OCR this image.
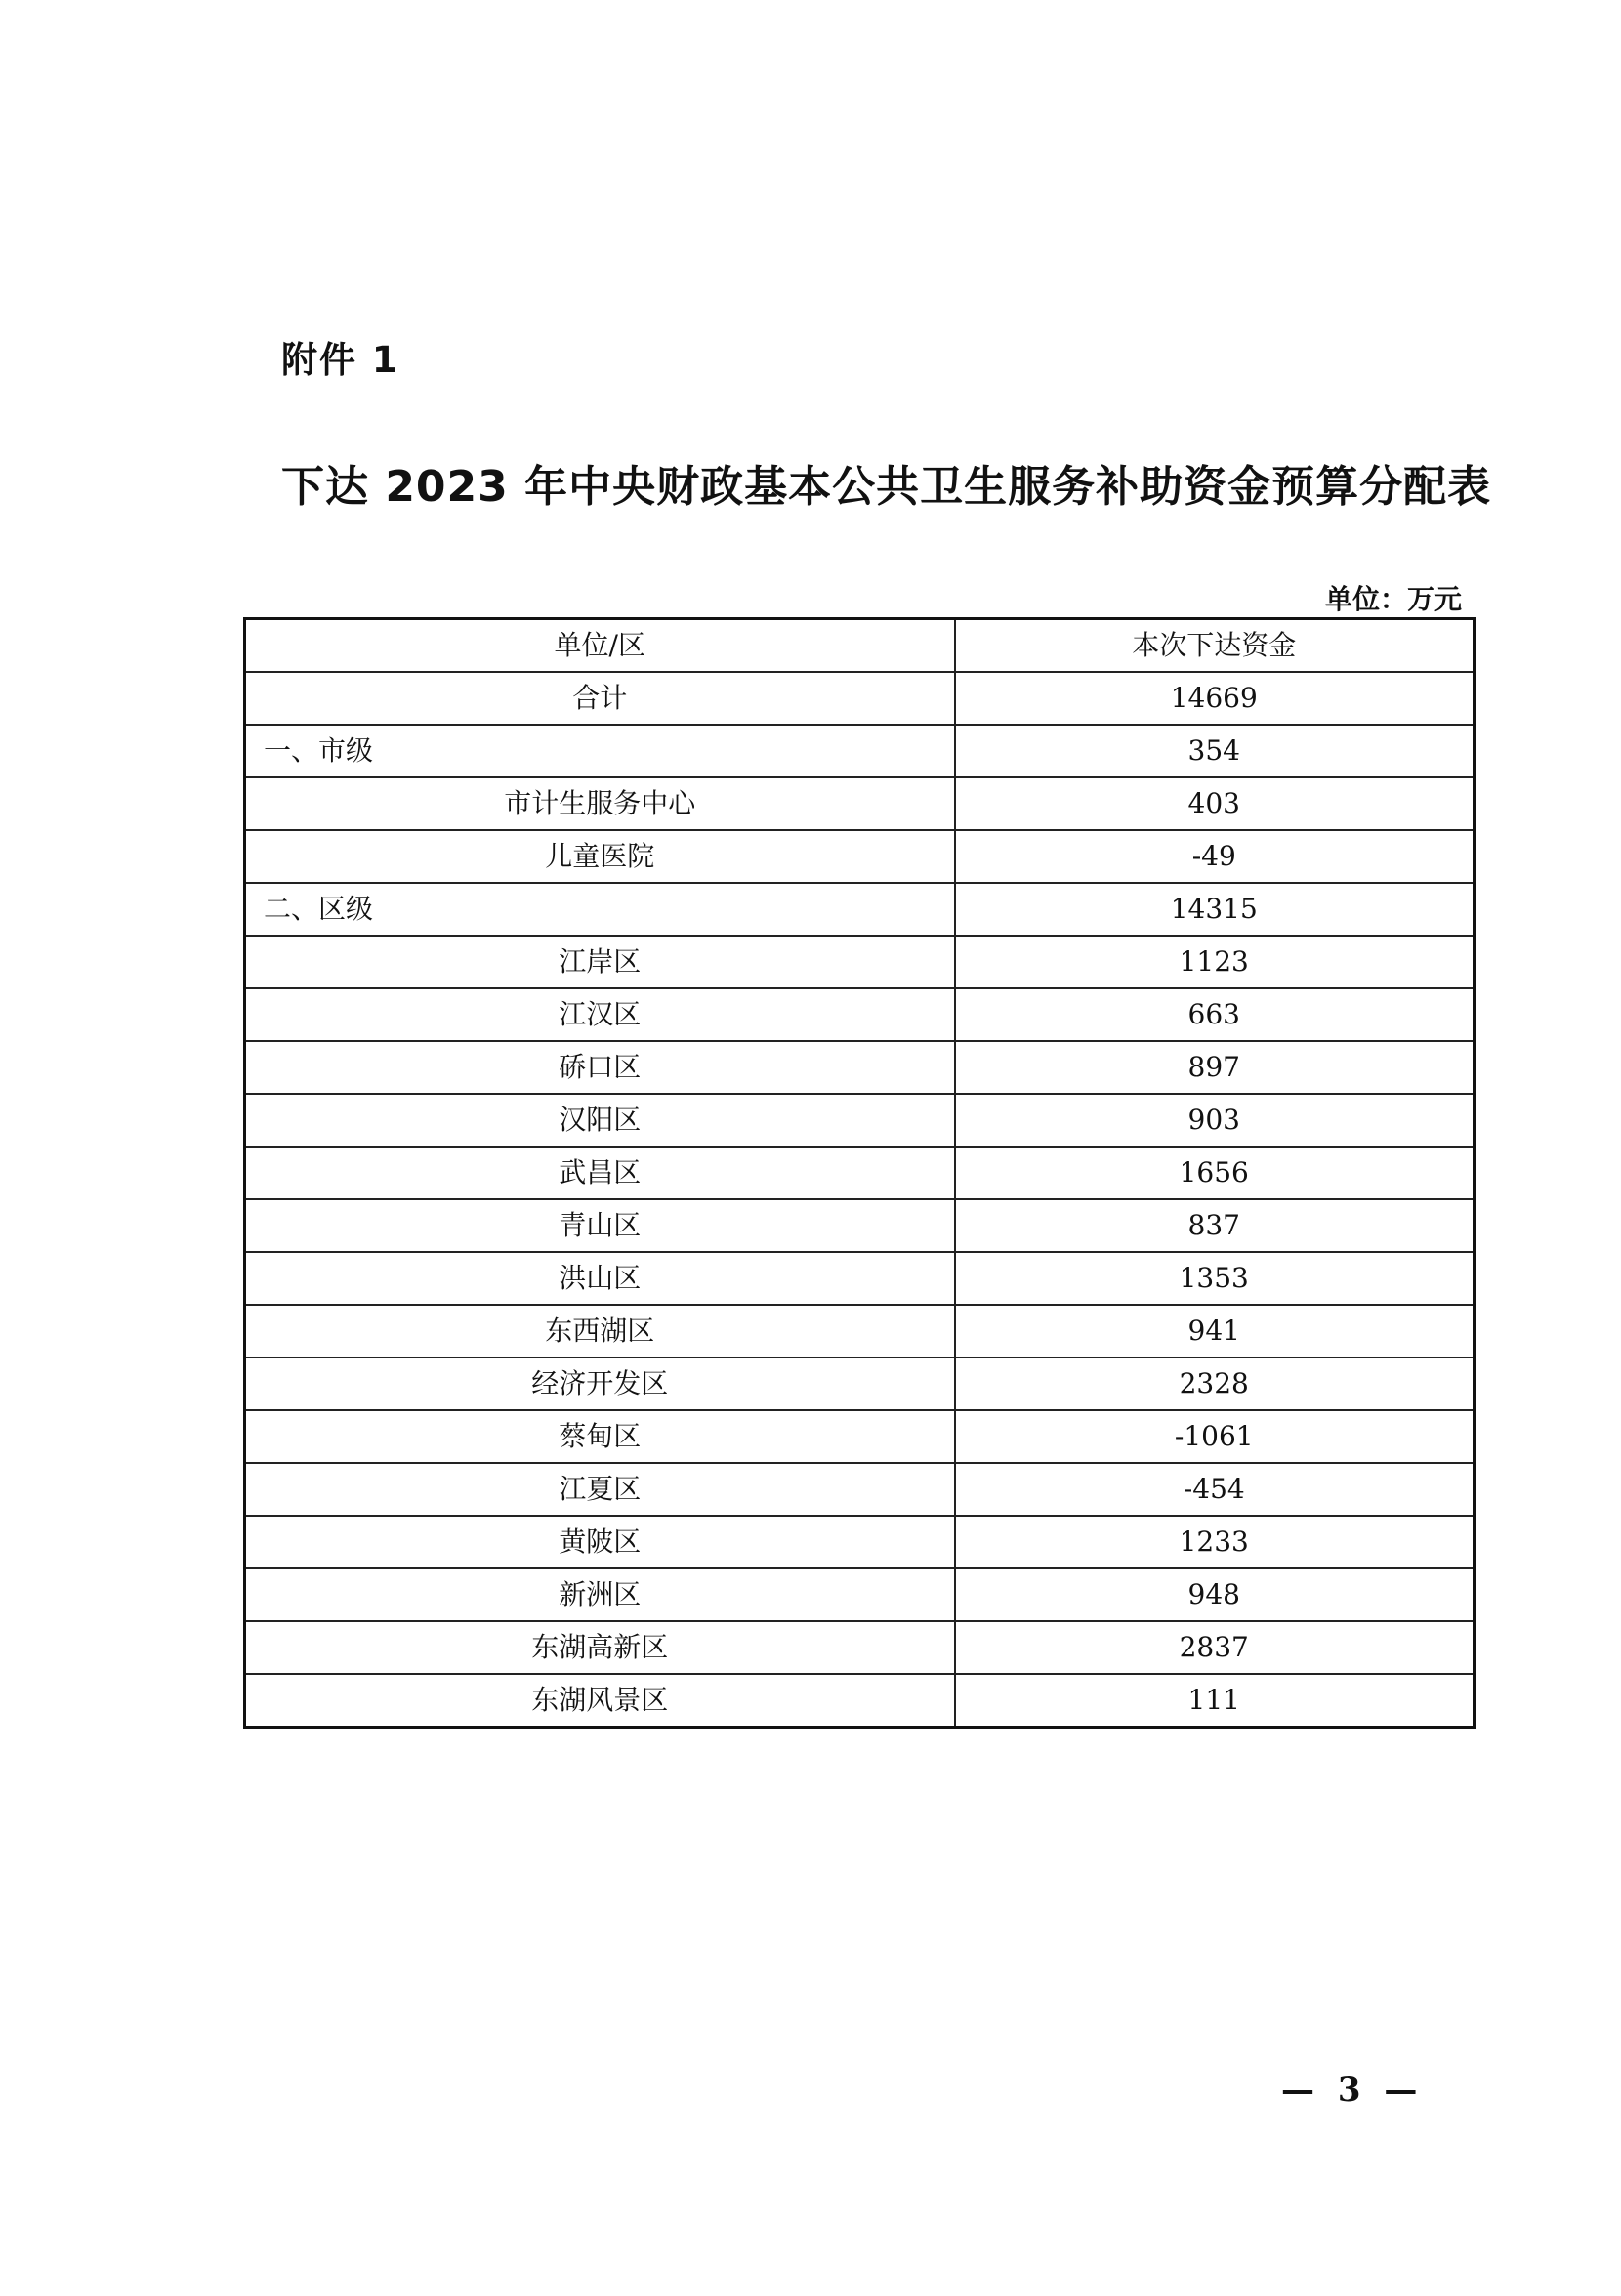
附件 1
下达 2023 年中央财政基本公共卫生服务补助资金预算分配表
单位：万元
单位/区	本次下达资金
合计	14669
一、市级	354
市计生服务中心	403
儿童医院	-49
二、区级	14315
江岸区	1123
江汉区	663
硚口区	897
汉阳区	903
武昌区	1656
青山区	837
洪山区	1353
东西湖区	941
经济开发区	2328
蔡甸区	-1061
江夏区	-454
黄陂区	1233
新洲区	948
东湖高新区	2837
东湖风景区	111
— 3 —
